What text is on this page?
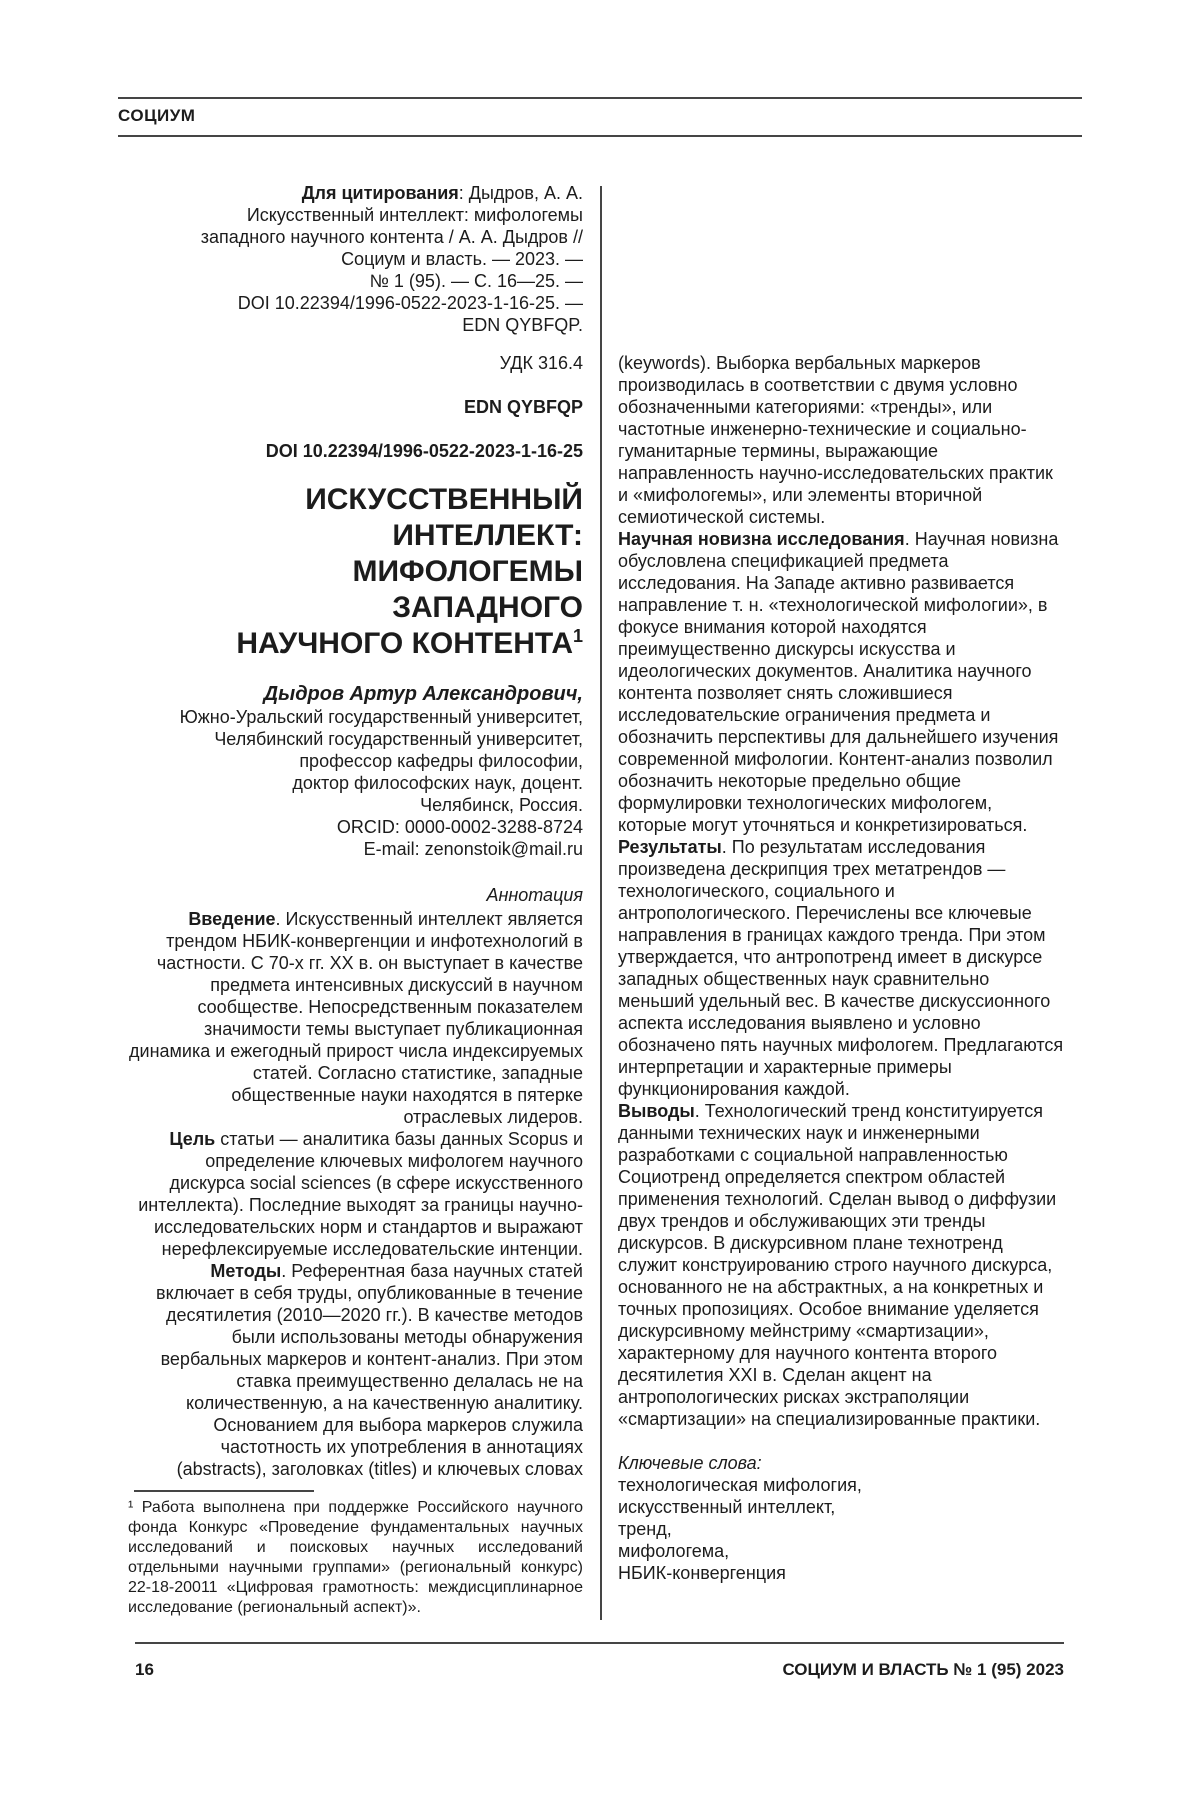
СОЦИУМ
Для цитирования: Дыдров, А. А.
Искусственный интеллект: мифологемы
западного научного контента / А. А. Дыдров //
Социум и власть. — 2023. —
№ 1 (95). — С. 16—25. —
DOI 10.22394/1996-0522-2023-1-16-25. —
EDN QYBFQP.
УДК 316.4
EDN QYBFQP
DOI 10.22394/1996-0522-2023-1-16-25
ИСКУССТВЕННЫЙ
ИНТЕЛЛЕКТ:
МИФОЛОГЕМЫ
ЗАПАДНОГО
НАУЧНОГО КОНТЕНТА$^1$
Дыдров Артур Александрович,
Южно-Уральский государственный университет,
Челябинский государственный университет,
профессор кафедры философии,
доктор философских наук, доцент.
Челябинск, Россия.
ORCID: 0000-0002-3288-8724
E-mail: zenonstoik@mail.ru
Аннотация

Введение. Искусственный интеллект является трендом НБИК-конвергенции и инфотехнологий в частности. С 70-х гг. XX в. он выступает в качестве предмета интенсивных дискуссий в научном сообществе. Непосредственным показателем значимости темы выступает публикационная динамика и ежегодный прирост числа индексируемых статей. Согласно статистике, западные общественные науки находятся в пятерке отраслевых лидеров.

Цель статьи — аналитика базы данных Scopus и определение ключевых мифологем научного дискурса social sciences (в сфере искусственного интеллекта). Последние выходят за границы научно-исследовательских норм и стандартов и выражают нерефлексируемые исследовательские интенции.

Методы. Референтная база научных статей включает в себя труды, опубликованные в течение десятилетия (2010—2020 гг.). В качестве методов были использованы методы обнаружения вербальных маркеров и контент-анализ. При этом ставка преимущественно делалась не на количественную, а на качественную аналитику. Основанием для выбора маркеров служила частотность их употребления в аннотациях (abstracts), заголовках (titles) и ключевых словах

¹ Работа выполнена при поддержке Российского научного фонда Конкурс «Проведение фундаментальных научных исследований и поисковых научных исследований отдельными научными группами» (региональный конкурс) 22-18-20011 «Цифровая грамотность: междисциплинарное исследование (региональный аспект)».

(keywords). Выборка вербальных маркеров производилась в соответствии с двумя условно обозначенными категориями: «тренды», или частотные инженерно-технические и социально-гуманитарные термины, выражающие направленность научно-исследовательских практик и «мифологемы», или элементы вторичной семиотической системы.

Научная новизна исследования. Научная новизна обусловлена спецификацией предмета исследования. На Западе активно развивается направление т. н. «технологической мифологии», в фокусе внимания которой находятся преимущественно дискурсы искусства и идеологических документов. Аналитика научного контента позволяет снять сложившиеся исследовательские ограничения предмета и обозначить перспективы для дальнейшего изучения современной мифологии. Контент-анализ позволил обозначить некоторые предельно общие формулировки технологических мифологем, которые могут уточняться и конкретизироваться.

Результаты. По результатам исследования произведена дескрипция трех метатрендов — технологического, социального и антропологического. Перечислены все ключевые направления в границах каждого тренда. При этом утверждается, что антропотренд имеет в дискурсе западных общественных наук сравнительно меньший удельный вес. В качестве дискуссионного аспекта исследования выявлено и условно обозначено пять научных мифологем. Предлагаются интерпретации и характерные примеры функционирования каждой.

Выводы. Технологический тренд конституируется данными технических наук и инженерными разработками с социальной направленностью Социотренд определяется спектром областей применения технологий. Сделан вывод о диффузии двух трендов и обслуживающих эти тренды дискурсов. В дискурсивном плане технотренд служит конструированию строго научного дискурса, основанного не на абстрактных, а на конкретных и точных пропозициях. Особое внимание уделяется дискурсивному мейнстриму «смартизации», характерному для научного контента второго десятилетия XXI в. Сделан акцент на антропологических рисках экстраполяции «смартизации» на специализированные практики.

Ключевые слова:
технологическая мифология,
искусственный интеллект,
тренд,
мифологема,
НБИК-конвергенция
16	СОЦИУМ И ВЛАСТЬ № 1 (95) 2023
